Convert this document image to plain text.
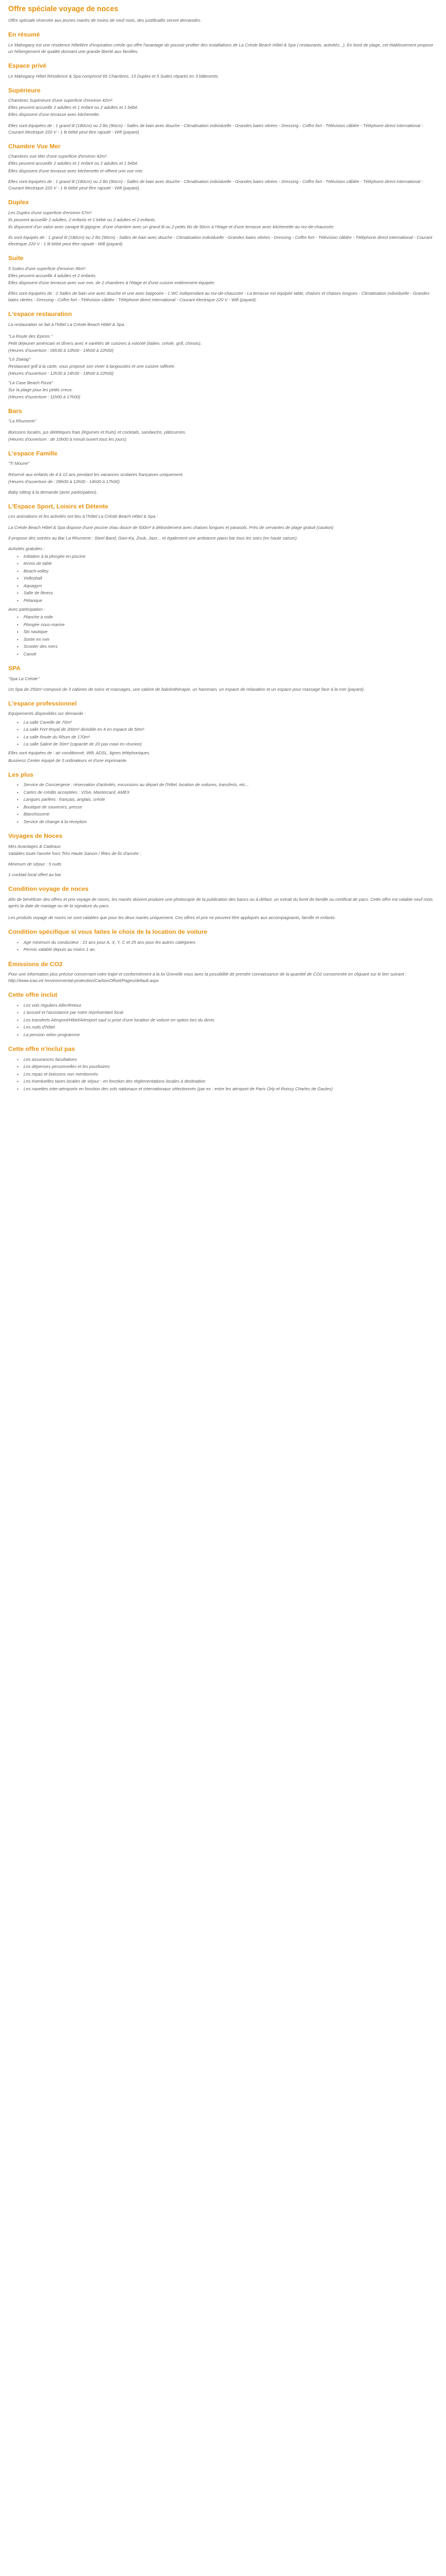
Offre spéciale voyage de noces

Offre spéciale réservée aux jeunes mariés de moins de neuf mois, des justificatifs seront demandés.

En résumé

Le Mahogany est une résidence hôtelière d'inspiration créole qui offre l'avantage de pouvoir profiter des installations de La Créole Beach Hôtel & Spa ( restaurants, activités...). En bord de plage, cet établissement propose un hébergement de qualité donnant une grande liberté aux familles.

Espace privé

Le Mahogany Hôtel Résidence & Spa comprend 65 Chambres, 13 Duplex et 5 Suites répartis en 3 bâtiments.

Supérieure

Chambres Supérieure d'une superficie d'environ 42m².

Elles peuvent accueillir 2 adultes et 1 enfant ou 2 adultes et 1 bébé.

Elles disposent d'une terrasse avec kitchenette.

Elles sont équipées de : 1 grand lit (180cm) ou 2 lits (90cm) - Salles de bain avec douche - Climatisation individuelle - Grandes baies vitrées - Dressing - Coffre fort - Télévision câblée - Téléphone direct international - Courant électrique 220 V - 1 lit bébé peut être rajouté - Wifi (payant).

Chambre Vue Mer

Chambres vue Mer d'une superficie d'environ 42m².

Elles peuvent accueillir 2 adultes et 1 enfant ou 2 adultes et 1 bébé.

Elles disposent d'une terrasse avec kitchenette et offrent une vue mer.

Elles sont équipées de : 1 grand lit (180cm) ou 2 lits (90cm) - Salles de bain avec douche - Climatisation individuelle - Grandes baies vitrées - Dressing - Coffre fort - Télévision câblée - Téléphone direct international - Courant électrique 220 V - 1 lit bébé peut être rajouté - Wifi (payant).

Duplex

Les Duplex d'une superficie d'environ 67m².

Ils peuvent accueillir 2 adultes, 2 enfants et 1 bébé ou 2 adultes et 2 enfants.

Ils disposent d'un salon avec canapé lit gigogne, d'une chambre avec un grand lit ou 2 petits lits de 90cm à l'étage et d'une terrasse avec kitchenette au rez-de-chaussée.

Ils sont équipés de : 1 grand lit (180cm) ou 2 lits (90cm) - Salles de bain avec douche - Climatisation individuelle - Grandes baies vitrées - Dressing - Coffre fort - Télévision câblée - Téléphone direct international - Courant électrique 220 V - 1 lit bébé peut être rajouté - Wifi (payant).

Suite

5 Suites d'une superficie d'environ 96m².

Elles peuvent accueillir 4 adultes et 2 enfants.

Elles disposent d'une terrasse avec vue mer, de 2 chambres à l'étage et d'une cuisine entièrement équipée.

Elles sont équipées de : 2 Salles de bain une avec douche et une avec baignoire - 1 WC indépendant au rez-de-chaussée - La terrasse est équipée table, chaises et chaises longues - Climatisation individuelle - Grandes baies vitrées - Dressing - Coffre fort - Télévision câblée - Téléphone direct international - Courant électrique 220 V - Wifi (payant).

L'espace restauration

La restauration se fait à l'hôtel La Créole Beach Hôtel & Spa :

"La Route des Epices "

Petit déjeuner américain et dîners avec 4 variétés de cuisines à volonté (italien, créole, grill, chinois).

(Heures d'ouverture : 06h30 à 10h00 - 19h00 à 22h00)

"Le Zawag"

Restaurant grill à la carte, vous propose son vivier à langoustes et une cuisine raffinée.

(Heures d'ouverture : 12h30 à 14h30 - 19h00 à 22h00)

"La Case Beach Pizza"

Sur la plage pour les petits creux.

(Heures d'ouverture : 11h00 à 17h00)

Bars

"La Rhumerie"

Boissons locales, jus diététiques frais (légumes et fruits) et cocktails, sandwichs, pâtisseries.

(Heures d'ouverture : de 10h00 à minuit ouvert tous les jours)

L'espace Famille

"Ti Moune"

Réservé aux enfants de 4 à 12 ans pendant les vacances scolaires françaises uniquement.

(Heures d'ouverture de : 09h00 à 12h00 - 14h00 à 17h00)

Baby sitting à la demande (avec participation).

L'Espace Sport, Loisirs et Détente

Les animations et les activités ont lieu à l'hôtel La Créole Beach Hôtel & Spa :

La Créole Beach Hôtel & Spa dispose d'une piscine chau douce de 500m² à débordement avec chaises longues et parasols. Près de servantes de plage gratuit (caution)

Il propose des soirées au Bar La Rhumerie : Steel Band, Gwo-Ka, Zouk, Jazz... et également une ambiance piano bar tous les soirs (en haute saison).

Activités gratuites :

• Initiation à la plongée en piscine
• tennis de table
• Beach-volley
• Volleyball
• Aquagym
• Salle de fitness
• Pétanque

Avec participation :

• Planche à voile
• Plongée sous-marine
• Ski nautique
• Sortie en mer
• Scooter des mers
• Canoë
SPA

"Spa La Créole"

Un Spa de 250m² composé de 3 cabines de soins et massages, une cabine de balnéothérapie, un hammam, un espace de relaxation et un espace pour massage face à la mer (payant).

L'espace professionnel

Equipements disponibles sur demande :

• La salle Canelle de 70m²
• La salle Fort Royal de 200m² divisible en 4 en espace de 50m²
• La salle Route du Rhum de 170m²
• La salle Saline de 30m² (capacité de 20 pax maxi en réunion)

Elles sont équipées de : air conditionné, Wifi, ADSL, lignes téléphoniques.

Business Center équipé de 3 ordinateurs et d'une imprimante.

Les plus
• Service de Conciergerie : réservation d'activités, excursions au départ de l'hôtel, location de voitures, transferts, etc...
• Cartes de crédits acceptées : VISA, Mastercard, AMEX
• Langues parlées : français, anglais, créole
• Boutique de souvenirs, presse
• Blanchisserie
• Service de change à la réception
Voyages de Noces

Mes Avantages & Cadeaux

Valables toute l'année hors Très Haute Saison / fêtes de fin d'année :

Minimum de séjour : 5 nuits

1 cocktail local offert au bar

Condition voyage de noces

Afin de bénéficier des offres et prix voyage de noces, les mariés doivent produire une photocopie de la publication des bancs ou à défaut, un extrait du livret de famille ou certificat de pacs. Cette offre est valable neuf mois après la date de mariage ou de la signature du pacs.

Les produits voyage de noces ne sont valables que pour les deux mariés uniquement. Ces offres et prix ne peuvent être appliqués aux accompagnants, famille et enfants.

Condition spécifique si vous faites le choix de la location de voiture
• Age minimum du conducteur : 21 ans pour A, X, Y, C et 25 ans pour les autres catégories
• Permis valable depuis au moins 1 an.
Émissions de CO2

Pour une information plus précise concernant votre trajet et conformément à la loi Grenelle vous avez la possibilité de prendre connaissance de la quantité de CO2 consommée en cliquant sur le lien suivant : http://www.icao.int /environmental-protection/CarbonOffset/Pages/default.aspx

Cette offre inclut
• Les vols réguliers Aller/Retour
• L'accueil et l'assistance par notre représentant local
• Les transferts Aéroport/Hôtel/Aéroport sauf si prise d'une location de voiture en option lors du devis
• Les nuits d'hôtel
• La pension selon programme
Cette offre n'inclut pas
• Les assurances facultatives
• Les dépenses personnelles et les pourboires
• Les repas et boissons non mentionnés
• Les éventuelles taxes locales de séjour - en fonction des réglementations locales à destination
• Les navettes inter-aéroports en fonction des vols nationaux et internationaux sélectionnés (par ex : entre les aéroport de Paris Orly et Roissy Charles de Gaules)
